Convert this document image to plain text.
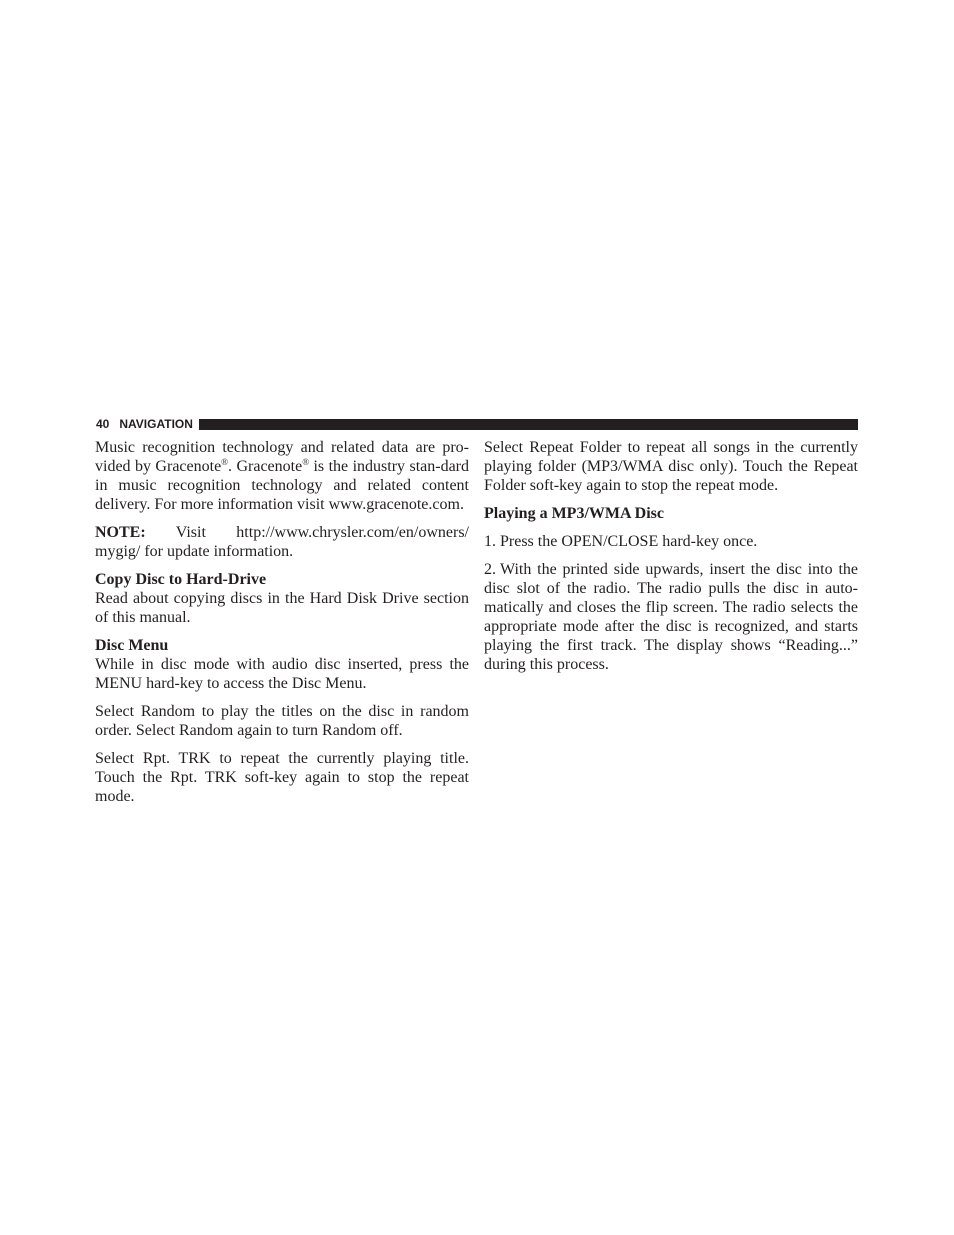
40 NAVIGATION

Music recognition technology and related data are pro-vided by Gracenote®. Gracenote® is the industry stan-dard in music recognition technology and related content delivery. For more information visit www.gracenote.com.

NOTE:  Visit  http://www.chrysler.com/en/owners/ mygig/ for update information.

Copy Disc to Hard-Drive

Read about copying discs in the Hard Disk Drive section of this manual.

Disc Menu

While in disc mode with audio disc inserted, press the MENU hard-key to access the Disc Menu.

Select Random to play the titles on the disc in random order. Select Random again to turn Random off.

Select Rpt. TRK to repeat the currently playing title. Touch the Rpt. TRK soft-key again to stop the repeat mode.

Select Repeat Folder to repeat all songs in the currently playing folder (MP3/WMA disc only). Touch the Repeat Folder soft-key again to stop the repeat mode.

Playing a MP3/WMA Disc

1. Press the OPEN/CLOSE hard-key once.

2. With the printed side upwards, insert the disc into the disc slot of the radio. The radio pulls the disc in auto-matically and closes the flip screen. The radio selects the appropriate mode after the disc is recognized, and starts playing the first track. The display shows “Reading...” during this process.
